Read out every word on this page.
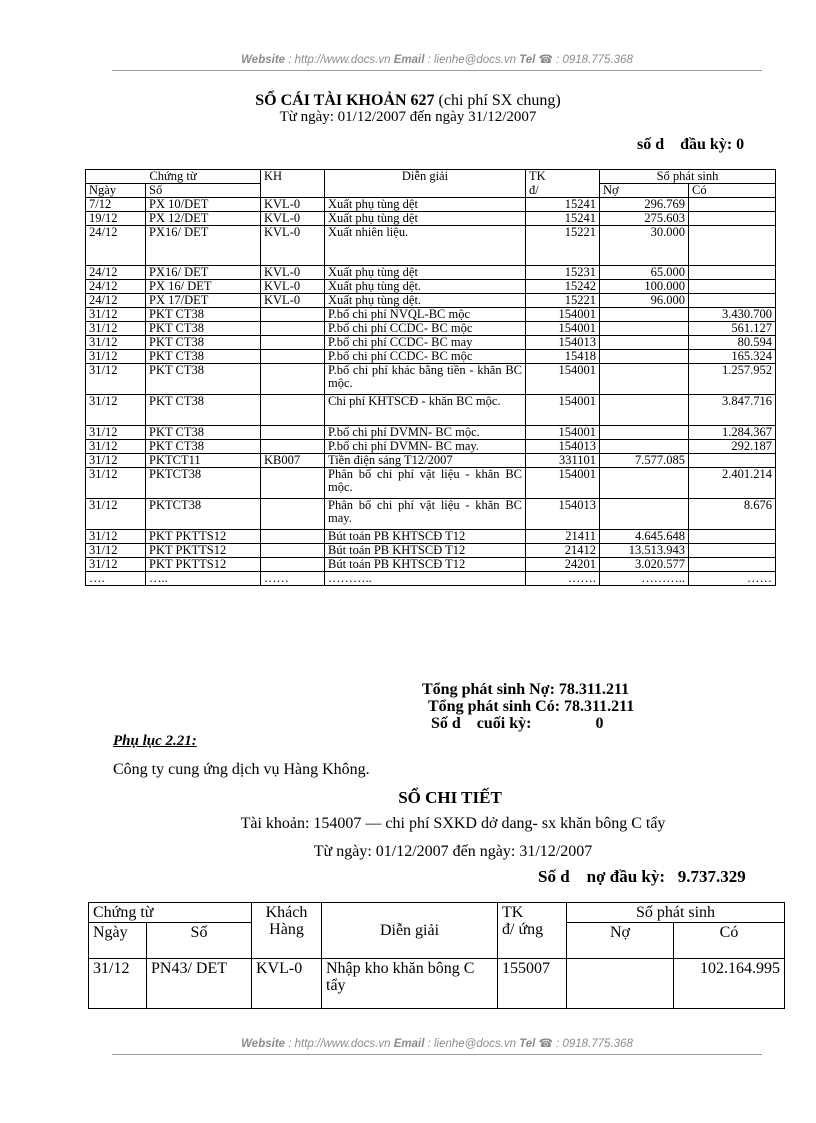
Website : http://www.docs.vn Email : lienhe@docs.vn Tel ☎ : 0918.775.368
SỔ CÁI TÀI KHOẢN 627 (chi phí SX chung)
Từ ngày: 01/12/2007 đến ngày 31/12/2007
số d    đầu kỳ: 0
Chứng từ		KH	Diễn giải	TK	Số phát sinh	
Ngày	Số			đ/	Nợ	Có
7/12	PX 10/DET	KVL-0	Xuất phụ tùng dệt	15241	296.769	
19/12	PX 12/DET	KVL-0	Xuất phụ tùng dệt	15241	275.603	
24/12	PX16/ DET	KVL-0	Xuất nhiên liệu.	15221	30.000	
24/12	PX16/ DET	KVL-0	Xuất phụ tùng dệt	15231	65.000	
24/12	PX 16/ DET	KVL-0	Xuất phụ tùng dệt.	15242	100.000	
24/12	PX 17/DET	KVL-0	Xuất phụ tùng dệt.	15221	96.000	
31/12	PKT CT38		P.bổ chi phí NVQL-BC mộc	154001		3.430.700
31/12	PKT CT38		P.bổ chi phí CCDC- BC mộc	154001		561.127
31/12	PKT CT38		P.bổ chi phí CCDC- BC may	154013		80.594
31/12	PKT CT38		P.bổ chi phí CCDC- BC mộc	15418		165.324
31/12	PKT CT38		P.bổ chi phí khác bằng tiền - khăn BC mộc.	154001		1.257.952
31/12	PKT CT38		Chi phí KHTSCĐ - khăn BC mộc.	154001		3.847.716
31/12	PKT CT38		P.bổ chi phí DVMN- BC mộc.	154001		1.284.367
31/12	PKT CT38		P.bổ chi phí DVMN- BC may.	154013		292.187
31/12	PKTCT11	KB007	Tiền điện sáng T12/2007	331101	7.577.085	
31/12	PKTCT38		Phân bổ chi phí vật liệu - khăn BC mộc.	154001		2.401.214
31/12	PKTCT38		Phân bổ chi phí vật liệu - khăn BC may.	154013		8.676
31/12	PKT PKTTS12		Bút toán PB KHTSCĐ T12	21411	4.645.648	
31/12	PKT PKTTS12		Bút toán PB KHTSCĐ T12	21412	13.513.943	
31/12	PKT PKTTS12		Bút toán PB KHTSCĐ T12	24201	3.020.577	
….	…..	……	………..	…….	………..	……
Tổng phát sinh Nợ: 78.311.211
Tổng phát sinh Có: 78.311.211
Số d    cuối kỳ:                0
Phụ lục 2.21:
Công ty cung ứng dịch vụ Hàng Không.
SỔ CHI TIẾT
Tài khoản: 154007 — chi phí SXKD dở dang- sx khăn bông C tẩy
Từ ngày: 01/12/2007 đến ngày: 31/12/2007
Số d    nợ đầu kỳ:   9.737.329
Chứng từ		Khách
Hàng	Diễn giải	TK
đ/ ứng	Số phát sinh	
Ngày	Số				Nợ	Có
31/12	PN43/ DET	KVL-0	Nhập kho khăn bông C tẩy	155007		102.164.995
Website : http://www.docs.vn Email : lienhe@docs.vn Tel ☎ : 0918.775.368
